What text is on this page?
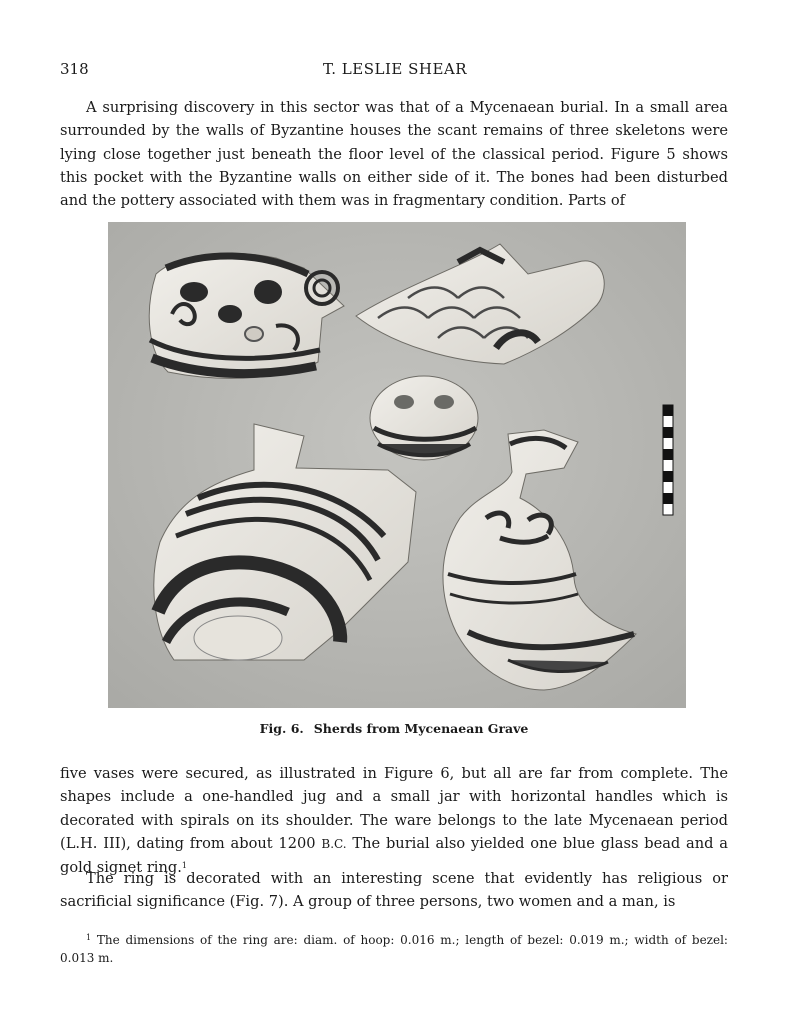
318	T. LESLIE SHEAR

A surprising discovery in this sector was that of a Mycenaean burial. In a small area surrounded by the walls of Byzantine houses the scant remains of three skeletons were lying close together just beneath the floor level of the classical period. Figure 5 shows this pocket with the Byzantine walls on either side of it. The bones had been disturbed and the pottery associated with them was in fragmentary condition. Parts of

Fig. 6. Sherds from Mycenaean Grave

five vases were secured, as illustrated in Figure 6, but all are far from complete. The shapes include a one-handled jug and a small jar with horizontal handles which is decorated with spirals on its shoulder. The ware belongs to the late Mycenaean period (L.H. III), dating from about 1200 B.C. The burial also yielded one blue glass bead and a gold signet ring.$^1$

The ring is decorated with an interesting scene that evidently has religious or sacrificial significance (Fig. 7). A group of three persons, two women and a man, is

$^1$ The dimensions of the ring are: diam. of hoop: 0.016 m.; length of bezel: 0.019 m.; width of bezel: 0.013 m.
